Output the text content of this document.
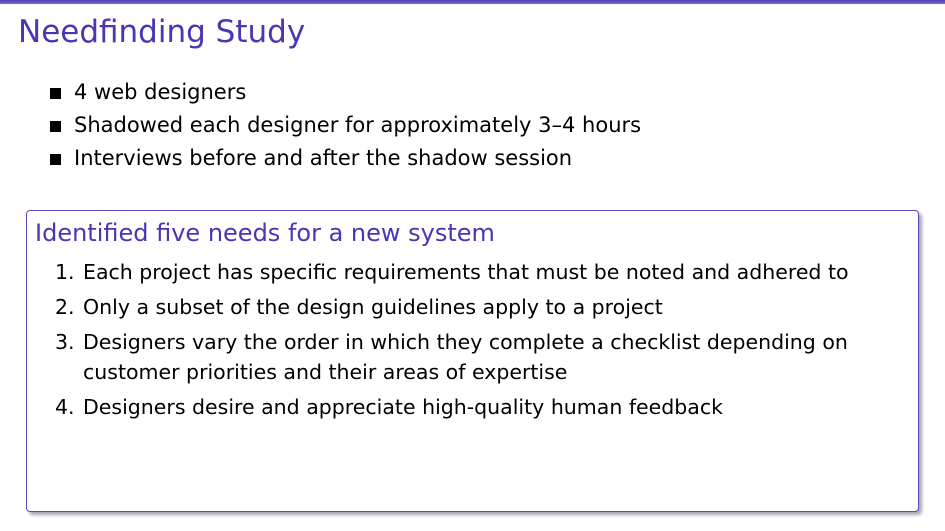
Needfinding Study
4 web designers
Shadowed each designer for approximately 3–4 hours
Interviews before and after the shadow session
Identified five needs for a new system
1. Each project has specific requirements that must be noted and adhered to
2. Only a subset of the design guidelines apply to a project
3. Designers vary the order in which they complete a checklist depending on customer priorities and their areas of expertise
4. Designers desire and appreciate high-quality human feedback
